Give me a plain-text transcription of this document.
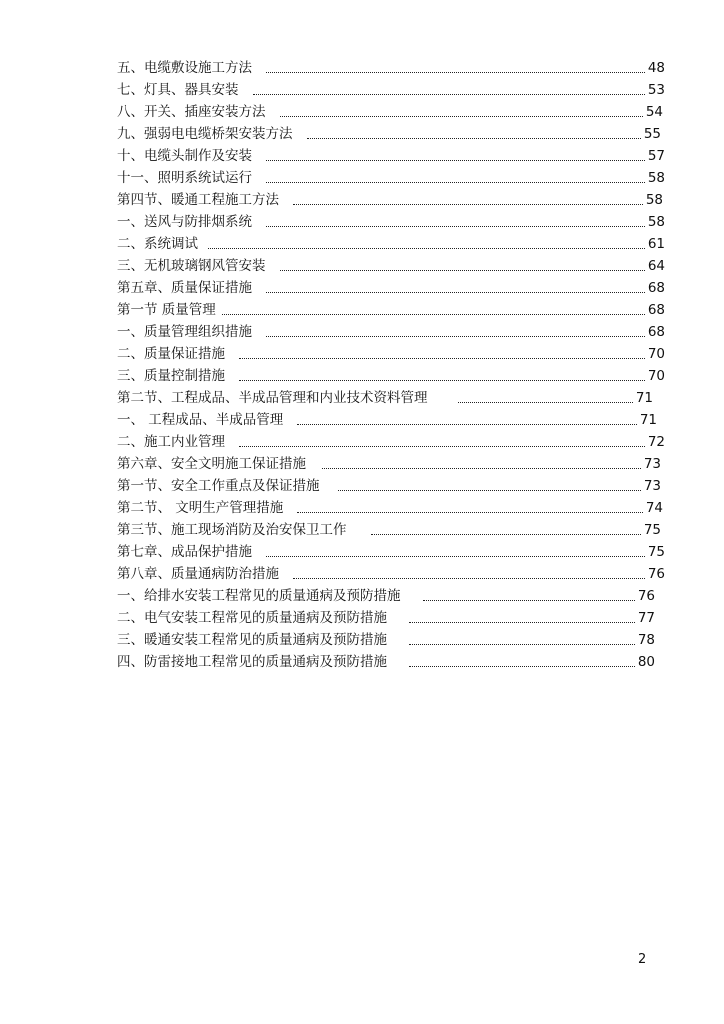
五、电缆敷设施工方法	48
七、灯具、器具安装	53
八、开关、插座安装方法	54
九、强弱电电缆桥架安装方法	55
十、电缆头制作及安装	57
十一、照明系统试运行	58
第四节、暖通工程施工方法	58
一、送风与防排烟系统	58
二、系统调试	61
三、无机玻璃钢风管安装	64
第五章、质量保证措施	68
第一节 质量管理	68
一、质量管理组织措施	68
二、质量保证措施	70
三、质量控制措施	70
第二节、工程成品、半成品管理和内业技术资料管理	71
一、 工程成品、半成品管理	71
二、施工内业管理	72
第六章、安全文明施工保证措施	73
第一节、安全工作重点及保证措施	73
第二节、 文明生产管理措施	74
第三节、施工现场消防及治安保卫工作	75
第七章、成品保护措施	75
第八章、质量通病防治措施	76
一、给排水安装工程常见的质量通病及预防措施	76
二、电气安装工程常见的质量通病及预防措施	77
三、暖通安装工程常见的质量通病及预防措施	78
四、防雷接地工程常见的质量通病及预防措施	80
2
